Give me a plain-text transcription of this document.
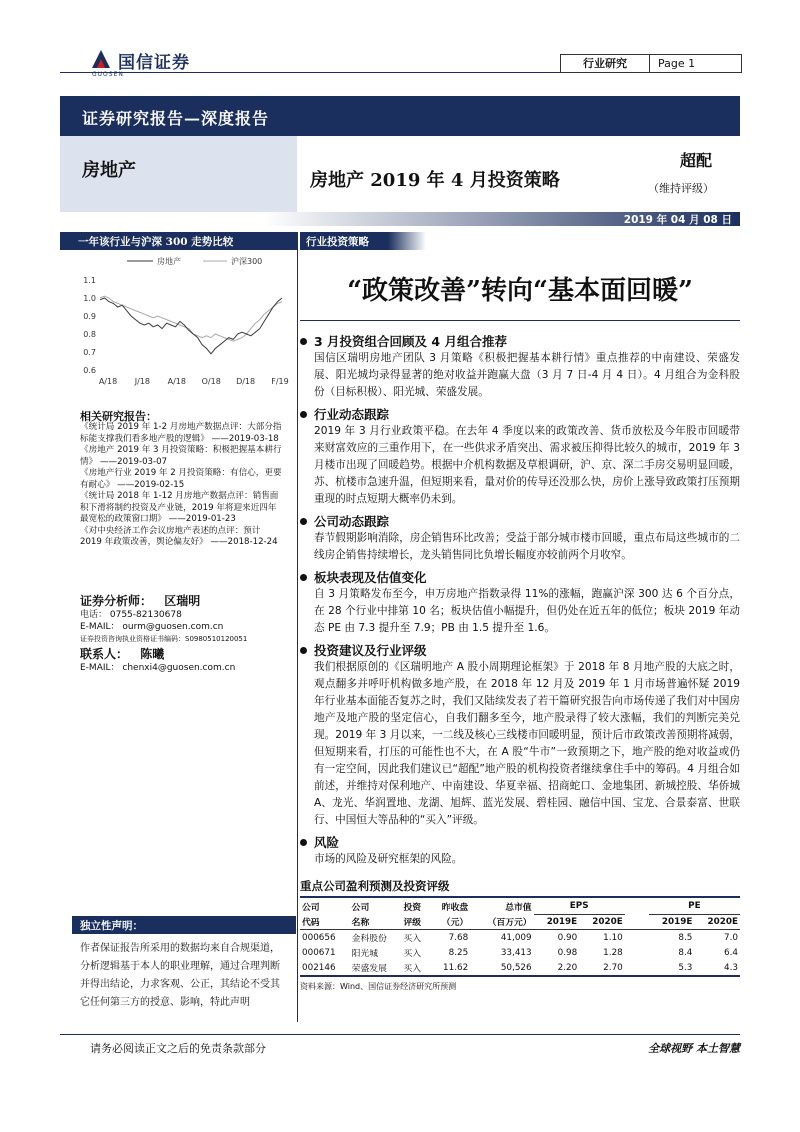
国信证券
GUOSEN
行业研究	Page 1
证券研究报告—深度报告
房地产	房地产 2019 年 4 月投资策略
超配
（维持评级）
2019 年 04 月 08 日
一年该行业与沪深 300 走势比较
房地产	沪深300
1.1
1.0
0.9
0.8
0.7
0.6
A/18 J/18 A/18 O/18 D/18 F/19
相关研究报告：
《统计局 2019 年 1-2 月房地产数据点评：大部分指标能支撑我们看多地产股的逻辑》 ——2019-03-18
《房地产 2019 年 3 月投资策略：积极把握基本耕行情》 ——2019-03-07
《房地产行业 2019 年 2 月投资策略：有信心，更要有耐心》 ——2019-02-15
《统计局 2018 年 1-12 月房地产数据点评：销售面积下滑将制约投资及产业链，2019 年将迎来近四年最宽松的政策窗口期》 ——2019-01-23
《对中央经济工作会议房地产表述的点评：预计 2019 年政策改善，舆论偏友好》 ——2018-12-24
证券分析师： 区瑞明
电话： 0755-82130678
E-MAIL： ourm@guosen.com.cn
证券投资咨询执业资格证书编码：S0980510120051
联系人： 陈曦
E-MAIL： chenxi4@guosen.com.cn
独立性声明：
作者保证报告所采用的数据均来自合规渠道，分析逻辑基于本人的职业理解，通过合理判断并得出结论，力求客观、公正，其结论不受其它任何第三方的授意、影响，特此声明
行业投资策略
“政策改善”转向“基本面回暖”
3 月投资组合回顾及 4 月组合推荐
国信区瑞明房地产团队 3 月策略《积极把握基本耕行情》重点推荐的中南建设、荣盛发展、阳光城均录得显著的绝对收益并跑赢大盘（3 月 7 日-4 月 4 日）。4 月组合为金科股份（目标积极）、阳光城、荣盛发展。
行业动态跟踪
2019 年 3 月行业政策平稳。在去年 4 季度以来的政策改善、货币放松及今年股市回暖带来财富效应的三重作用下，在一些供求矛盾突出、需求被压抑得比较久的城市，2019 年 3 月楼市出现了回暖趋势。根据中介机构数据及草根调研，沪、京、深二手房交易明显回暖，苏、杭楼市急速升温，但短期来看，量对价的传导还没那么快，房价上涨导致政策打压预期重现的时点短期大概率仍未到。
公司动态跟踪
春节假期影响消除，房企销售环比改善；受益于部分城市楼市回暖，重点布局这些城市的二线房企销售持续增长，龙头销售同比负增长幅度亦较前两个月收窄。
板块表现及估值变化
自 3 月策略发布至今，申万房地产指数录得 11%的涨幅，跑赢沪深 300 达 6 个百分点，在 28 个行业中排第 10 名；板块估值小幅提升，但仍处在近五年的低位；板块 2019 年动态 PE 由 7.3 提升至 7.9；PB 由 1.5 提升至 1.6。
投资建议及行业评级
我们根据原创的《区瑞明地产 A 股小周期理论框架》于 2018 年 8 月地产股的大底之时，观点翻多并呼吁机构做多地产股，在 2018 年 12 月及 2019 年 1 月市场普遍怀疑 2019 年行业基本面能否复苏之时，我们又陆续发表了若干篇研究报告向市场传递了我们对中国房地产及地产股的坚定信心，自我们翻多至今，地产股录得了较大涨幅，我们的判断完美兑现。2019 年 3 月以来，一二线及核心三线楼市回暖明显，预计后市政策改善预期将减弱，但短期来看，打压的可能性也不大，在 A 股“牛市”一致预期之下，地产股的绝对收益或仍有一定空间，因此我们建议已“超配”地产股的机构投资者继续拿住手中的筹码。4 月组合如前述，并维持对保利地产、中南建设、华夏幸福、招商蛇口、金地集团、新城控股、华侨城 A、龙光、华润置地、龙湖、旭辉、蓝光发展、碧桂园、融信中国、宝龙、合景泰富、世联行、中国恒大等品种的“买入”评级。
风险
市场的风险及研究框架的风险。
重点公司盈利预测及投资评级
公司	公司	投资	昨收盘	总市值	EPS			PE	
代码	名称	评级	（元）	（百万元）	2019E	2020E		2019E	2020E
000656	金科股份	买入	7.68	41,009	0.90	1.10		8.5	7.0
000671	阳光城	买入	8.25	33,413	0.98	1.28		8.4	6.4
002146	荣盛发展	买入	11.62	50,526	2.20	2.70		5.3	4.3
资料来源：Wind、国信证券经济研究所预测
请务必阅读正文之后的免责条款部分	全球视野 本土智慧
